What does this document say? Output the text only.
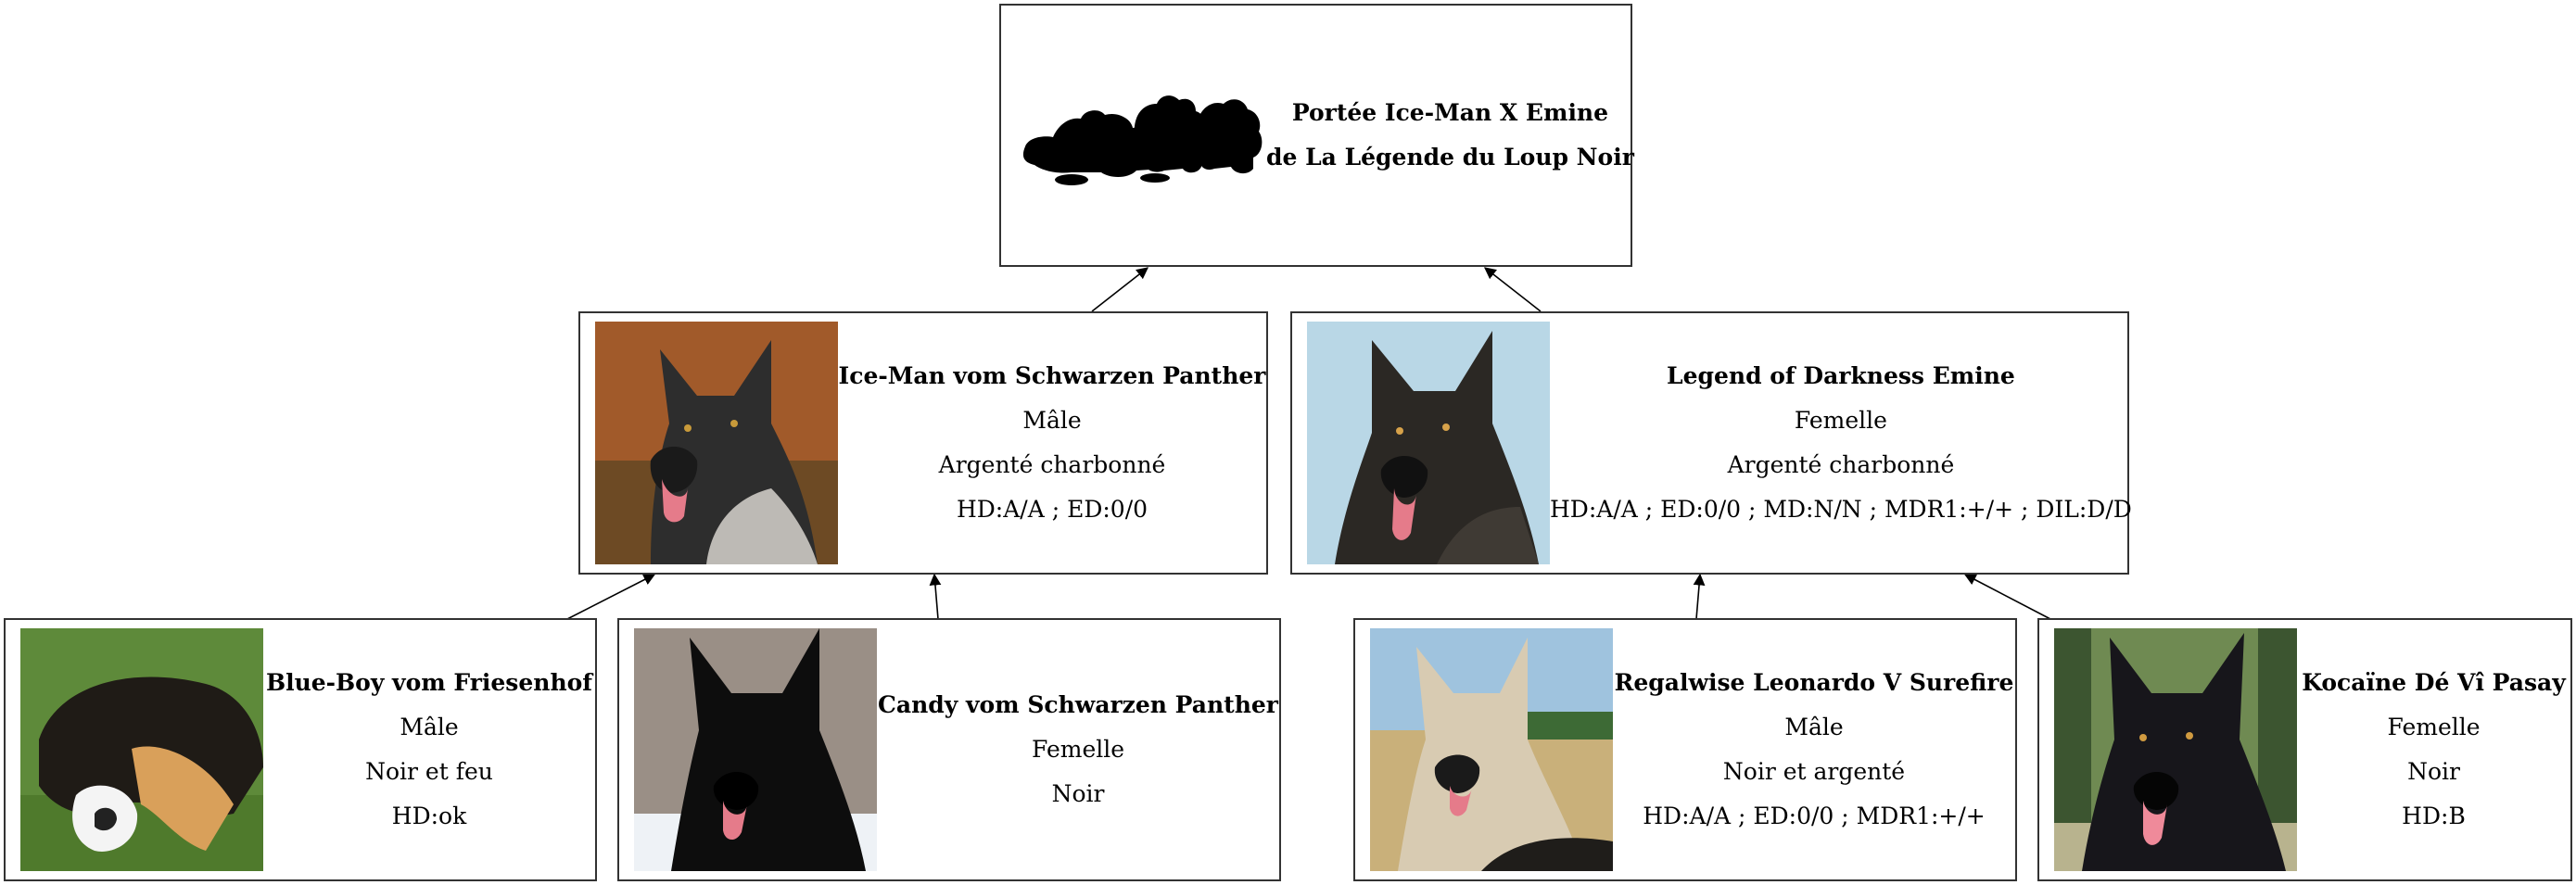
Portée Ice-Man X Emine
de La Légende du Loup Noir
Ice-Man vom Schwarzen Panther
Mâle
Argenté charbonné
HD:A/A ; ED:0/0
Legend of Darkness Emine
Femelle
Argenté charbonné
HD:A/A ; ED:0/0 ; MD:N/N ; MDR1:+/+ ; DIL:D/D
Blue-Boy vom Friesenhof
Mâle
Noir et feu
HD:ok
Candy vom Schwarzen Panther
Femelle
Noir
Regalwise Leonardo V Surefire
Mâle
Noir et argenté
HD:A/A ; ED:0/0 ; MDR1:+/+
Kocaïne Dé Vî Pasay
Femelle
Noir
HD:B
